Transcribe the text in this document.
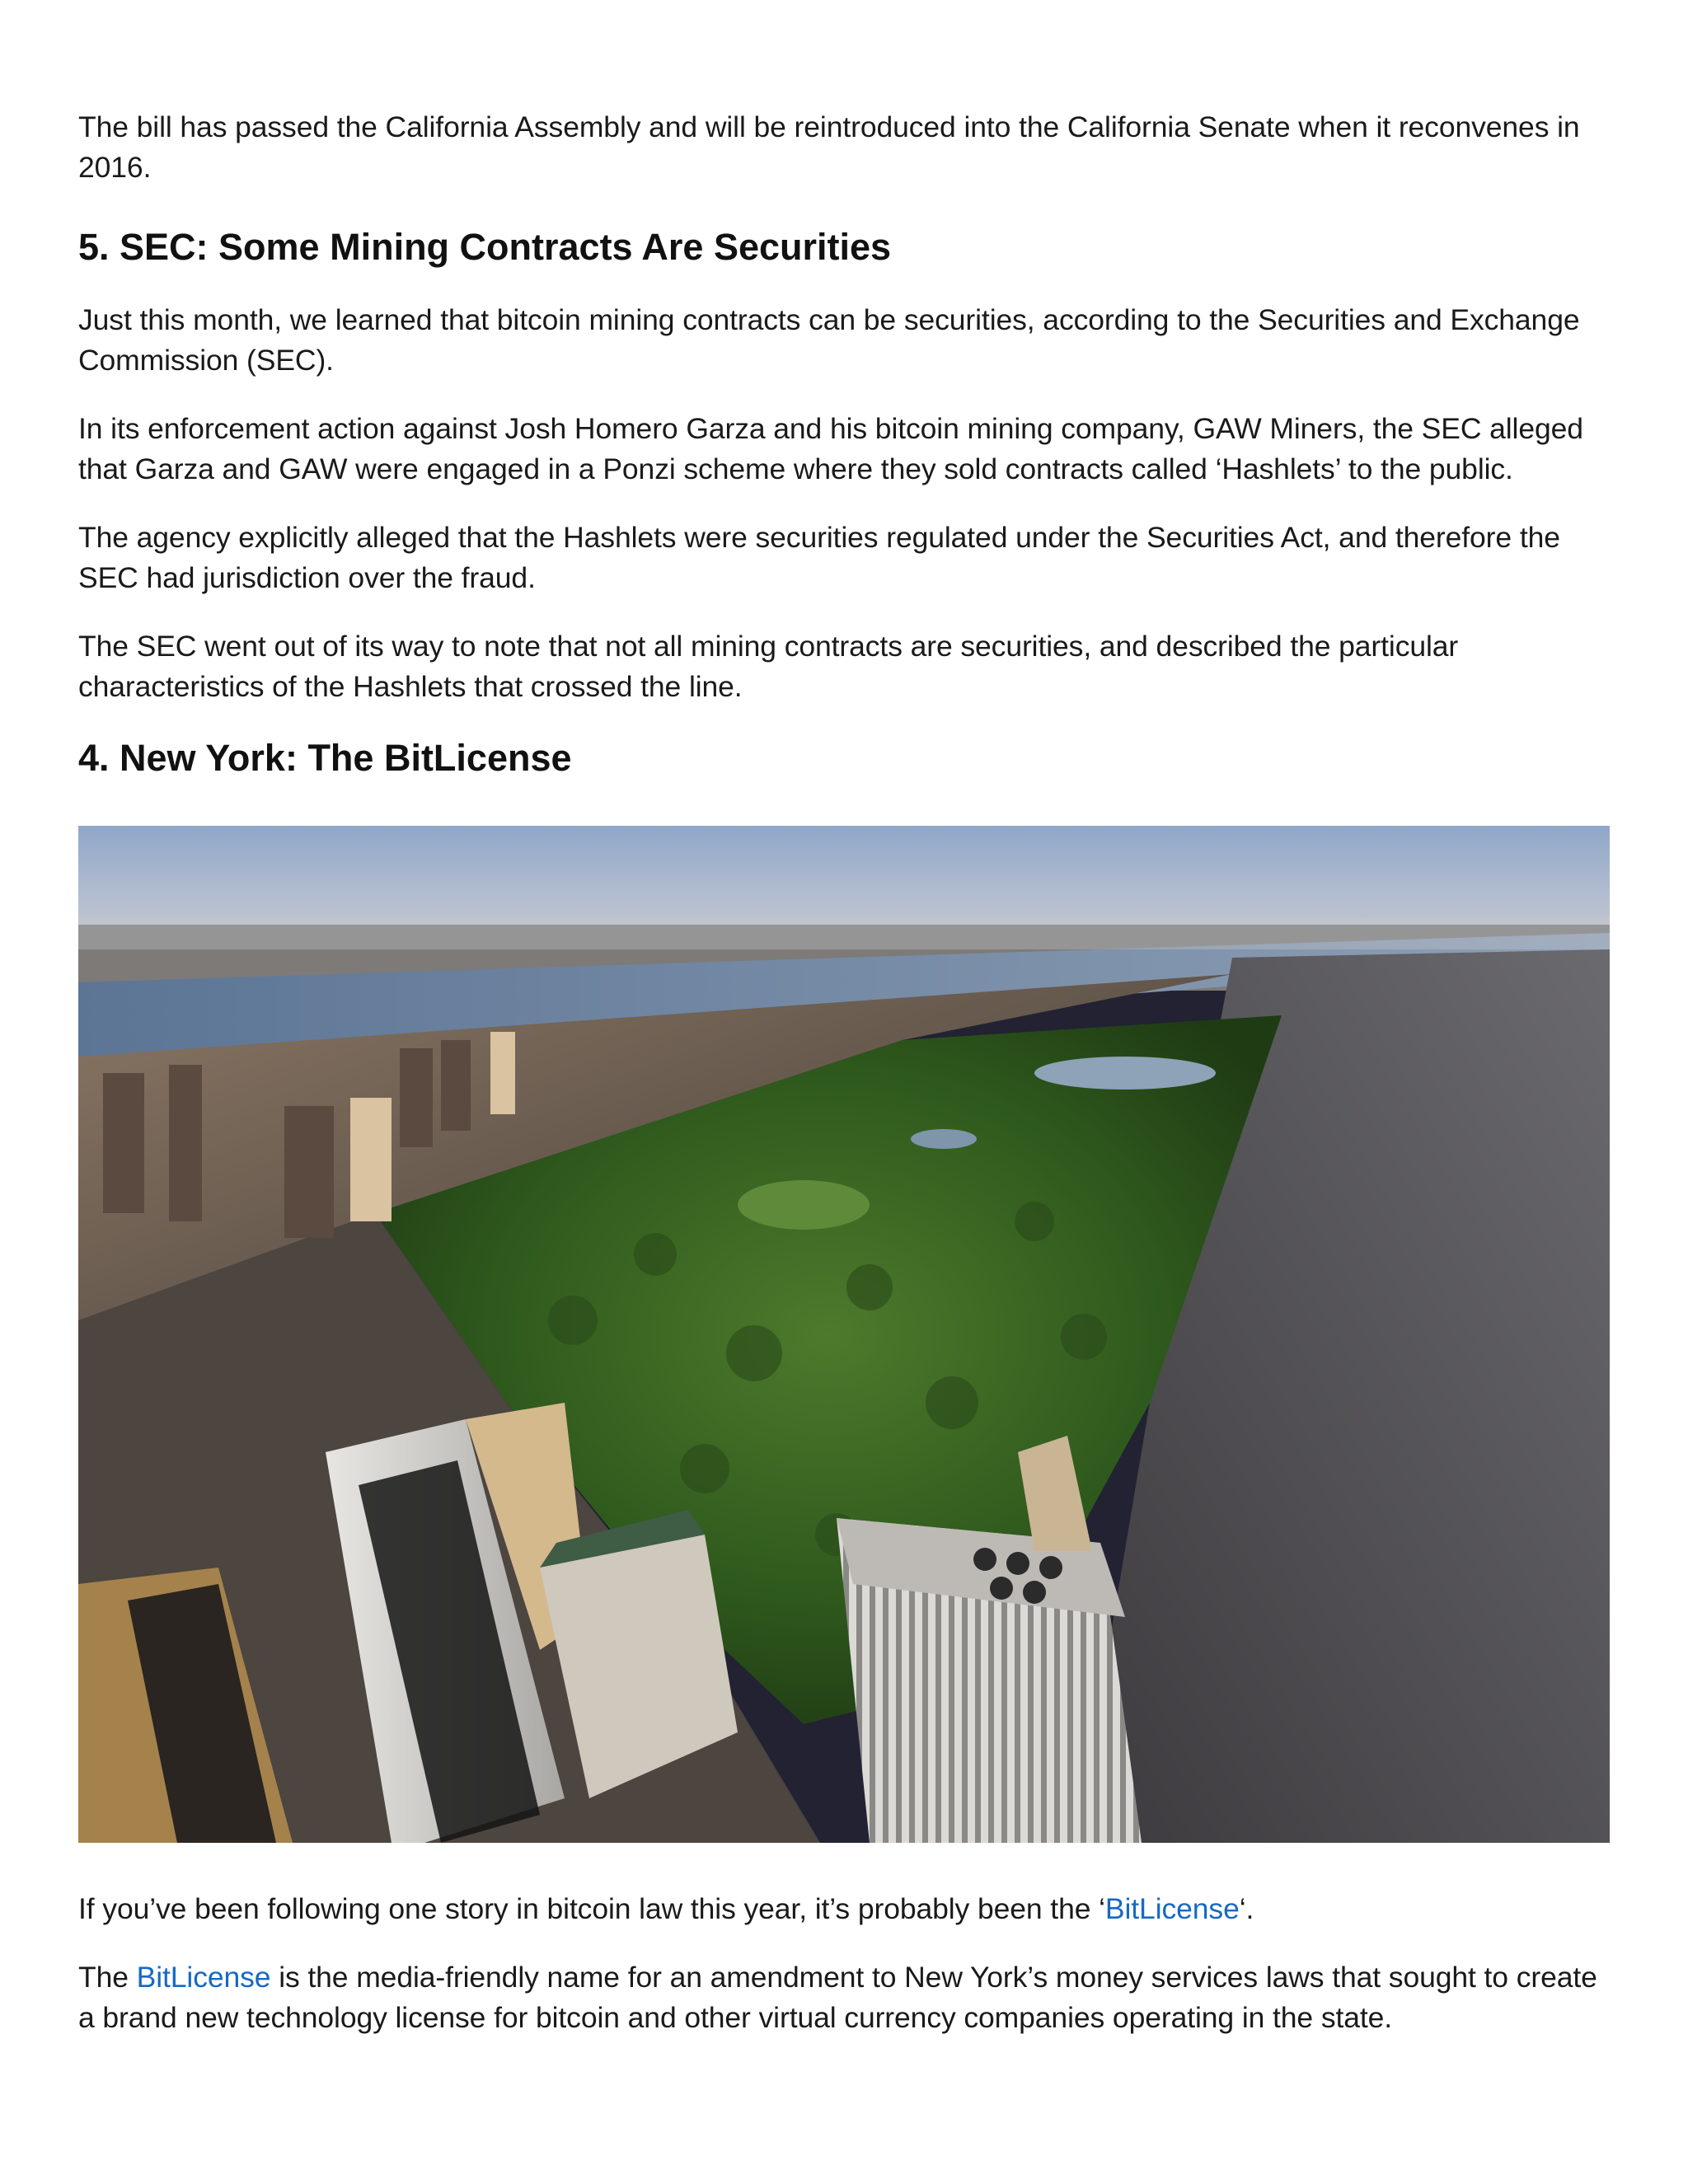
The bill has passed the California Assembly and will be reintroduced into the California Senate when it reconvenes in 2016.

5. SEC: Some Mining Contracts Are Securities

Just this month, we learned that bitcoin mining contracts can be securities, according to the Securities and Exchange Commission (SEC).

In its enforcement action against Josh Homero Garza and his bitcoin mining company, GAW Miners, the SEC alleged that Garza and GAW were engaged in a Ponzi scheme where they sold contracts called ‘Hashlets’ to the public.

The agency explicitly alleged that the Hashlets were securities regulated under the Securities Act, and therefore the SEC had jurisdiction over the fraud.

The SEC went out of its way to note that not all mining contracts are securities, and described the particular characteristics of the Hashlets that crossed the line.

4. New York: The BitLicense

If you’ve been following one story in bitcoin law this year, it’s probably been the ‘BitLicense‘.

The BitLicense is the media-friendly name for an amendment to New York’s money services laws that sought to create a brand new technology license for bitcoin and other virtual currency companies operating in the state.
